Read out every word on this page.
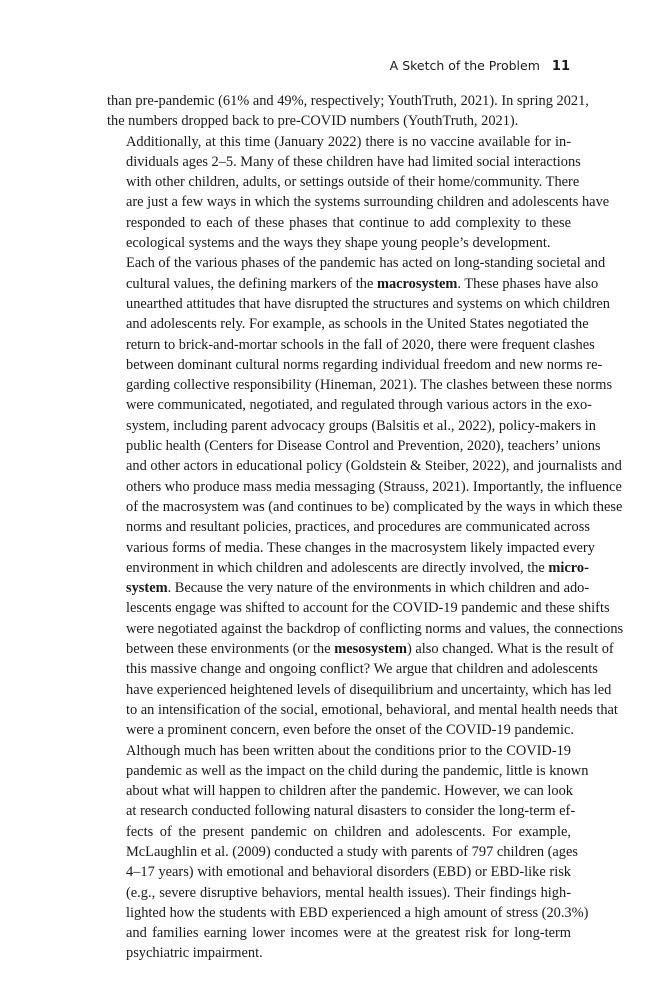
A Sketch of the Problem 11

than pre-pandemic (61% and 49%, respectively; YouthTruth, 2021). In spring 2021,
the numbers dropped back to pre-COVID numbers (YouthTruth, 2021).

Additionally, at this time (January 2022) there is no vaccine available for in-
dividuals ages 2–5. Many of these children have had limited social interactions
with other children, adults, or settings outside of their home/community. There
are just a few ways in which the systems surrounding children and adolescents have
responded to each of these phases that continue to add complexity to these
ecological systems and the ways they shape young people’s development.

Each of the various phases of the pandemic has acted on long-standing societal and
cultural values, the defining markers of the macrosystem. These phases have also
unearthed attitudes that have disrupted the structures and systems on which children
and adolescents rely. For example, as schools in the United States negotiated the
return to brick-and-mortar schools in the fall of 2020, there were frequent clashes
between dominant cultural norms regarding individual freedom and new norms re-
garding collective responsibility (Hineman, 2021). The clashes between these norms
were communicated, negotiated, and regulated through various actors in the exo-
system, including parent advocacy groups (Balsitis et al., 2022), policy-makers in
public health (Centers for Disease Control and Prevention, 2020), teachers’ unions
and other actors in educational policy (Goldstein & Steiber, 2022), and journalists and
others who produce mass media messaging (Strauss, 2021). Importantly, the influence
of the macrosystem was (and continues to be) complicated by the ways in which these
norms and resultant policies, practices, and procedures are communicated across
various forms of media. These changes in the macrosystem likely impacted every
environment in which children and adolescents are directly involved, the micro-
system. Because the very nature of the environments in which children and ado-
lescents engage was shifted to account for the COVID-19 pandemic and these shifts
were negotiated against the backdrop of conflicting norms and values, the connections
between these environments (or the mesosystem) also changed. What is the result of
this massive change and ongoing conflict? We argue that children and adolescents
have experienced heightened levels of disequilibrium and uncertainty, which has led
to an intensification of the social, emotional, behavioral, and mental health needs that
were a prominent concern, even before the onset of the COVID-19 pandemic.

Although much has been written about the conditions prior to the COVID-19
pandemic as well as the impact on the child during the pandemic, little is known
about what will happen to children after the pandemic. However, we can look
at research conducted following natural disasters to consider the long-term ef-
fects of the present pandemic on children and adolescents. For example,
McLaughlin et al. (2009) conducted a study with parents of 797 children (ages
4–17 years) with emotional and behavioral disorders (EBD) or EBD-like risk
(e.g., severe disruptive behaviors, mental health issues). Their findings high-
lighted how the students with EBD experienced a high amount of stress (20.3%)
and families earning lower incomes were at the greatest risk for long-term
psychiatric impairment.
